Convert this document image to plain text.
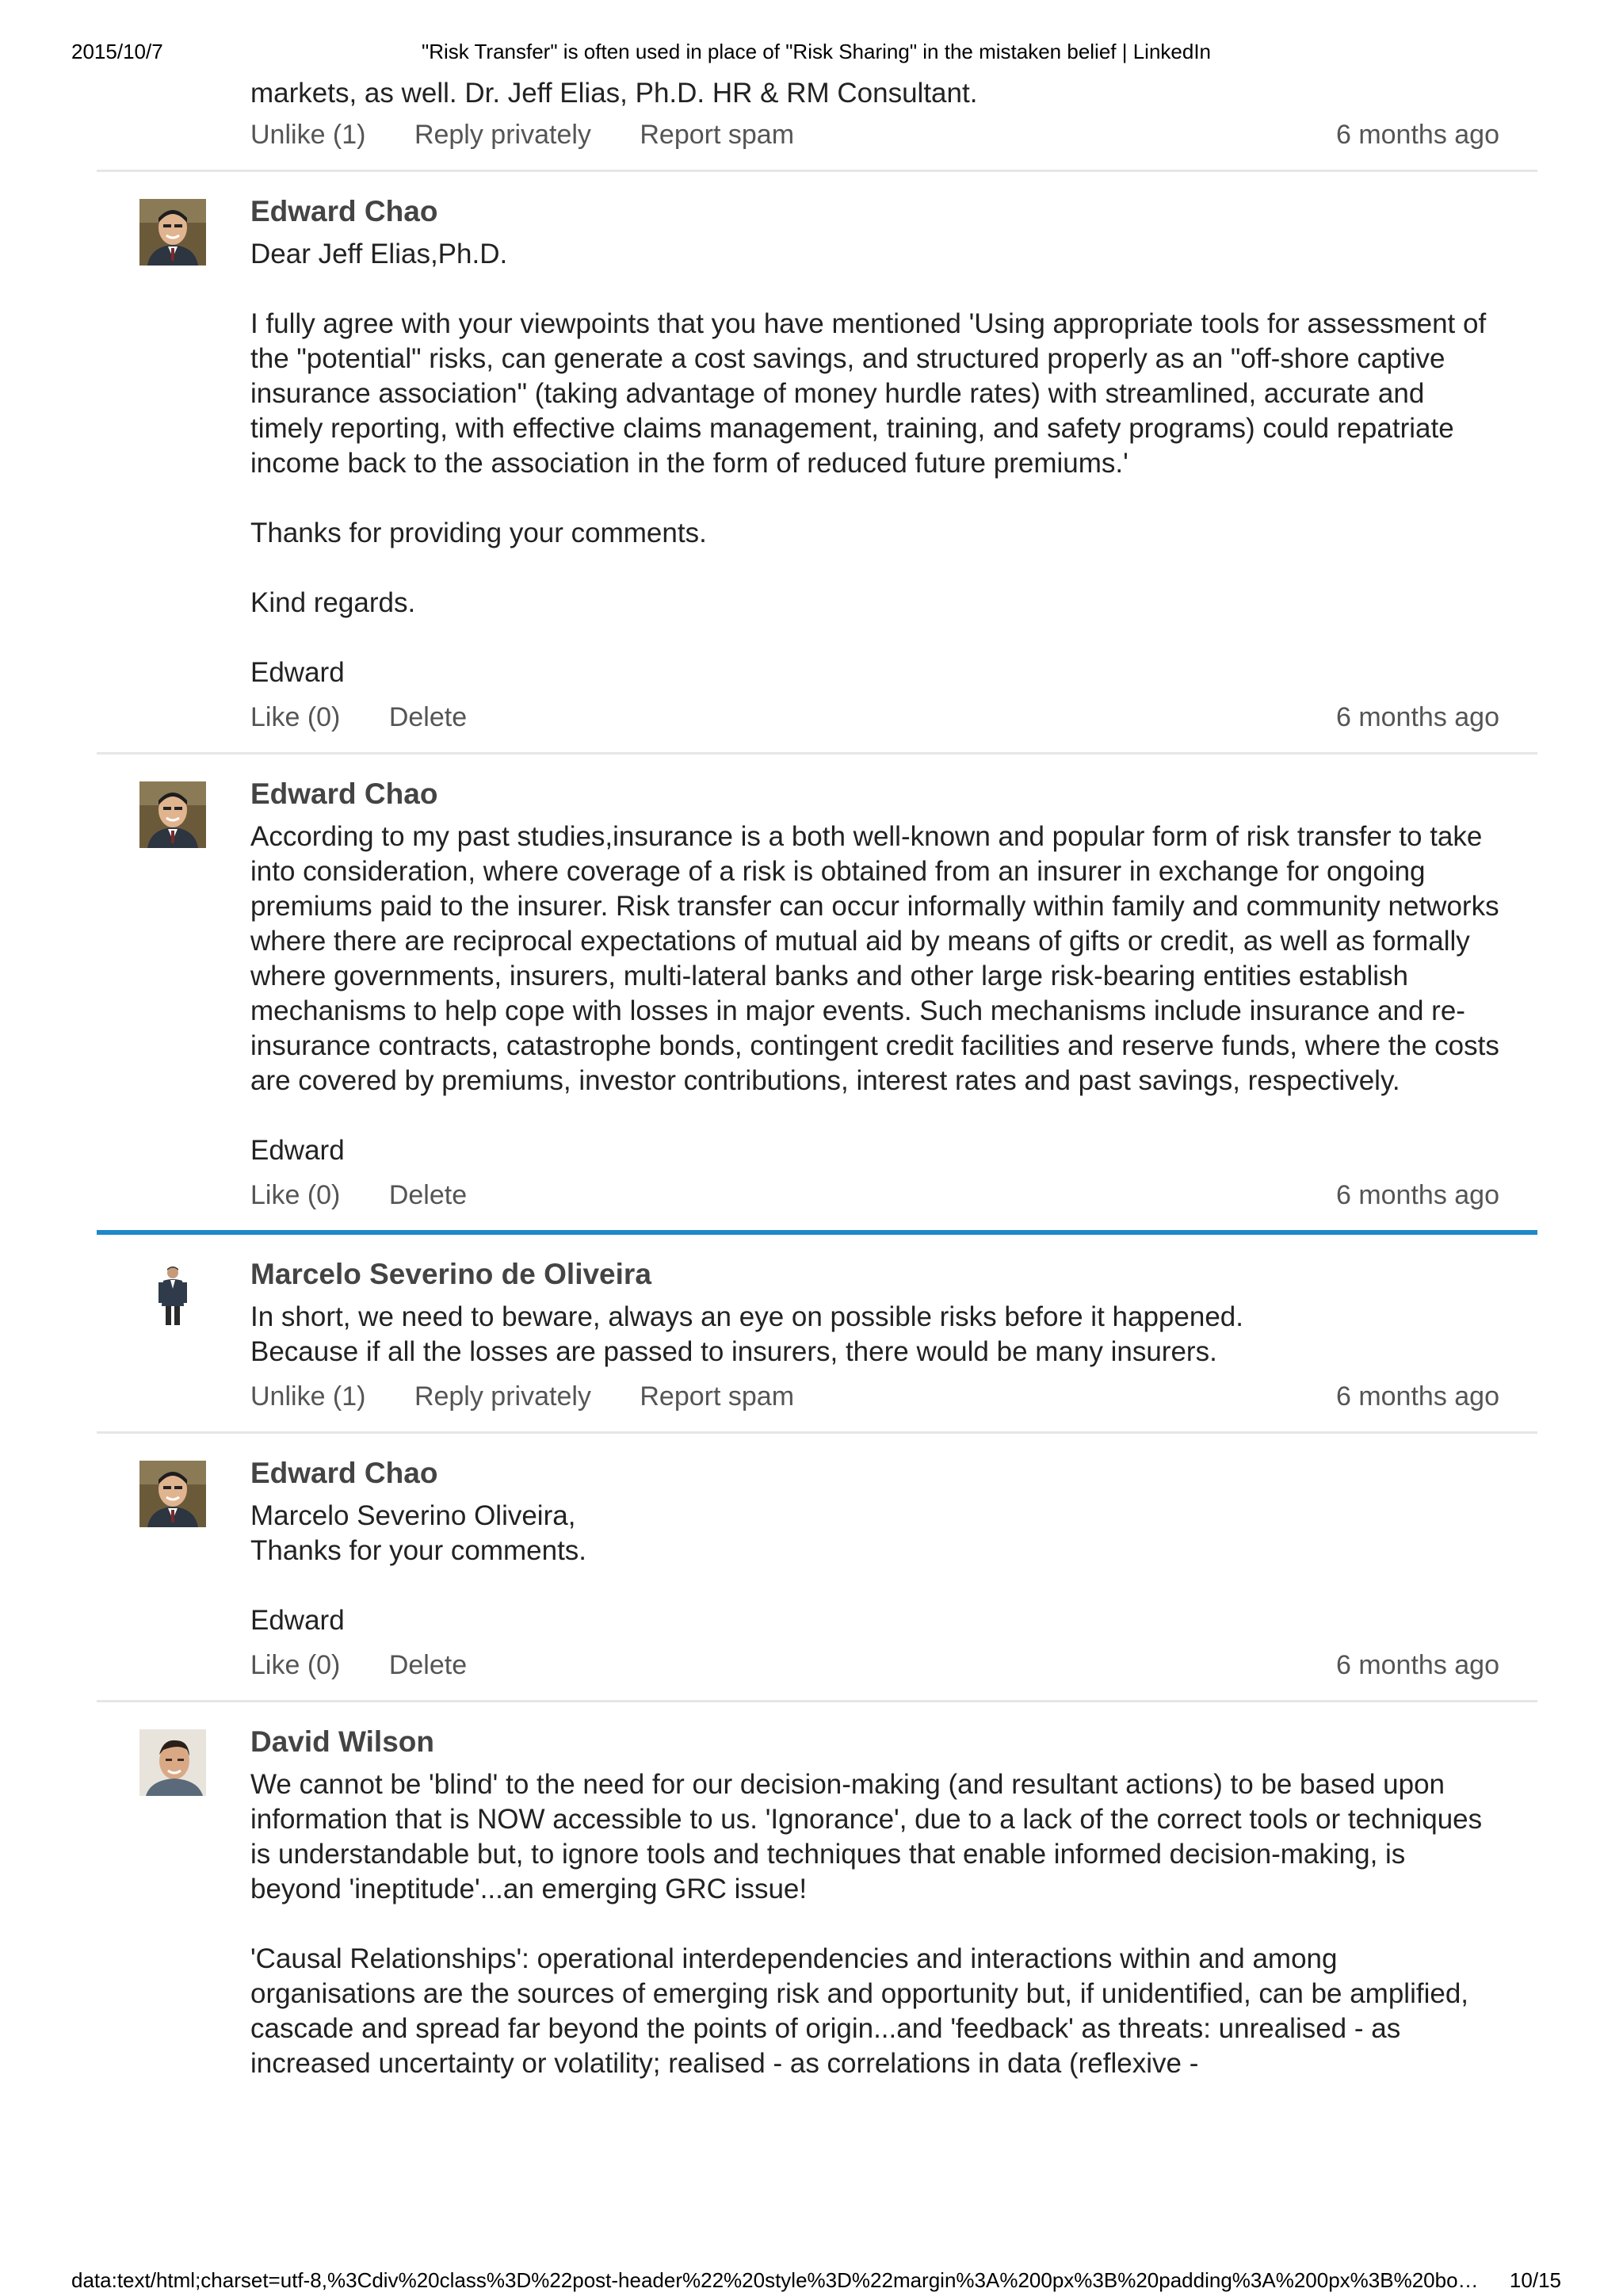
2015/10/7	"Risk Transfer" is often used in place of "Risk Sharing" in the mistaken belief | LinkedIn

markets, as well. Dr. Jeff Elias, Ph.D. HR & RM Consultant.

Unlike (1) Reply privately Report spam	6 months ago
Edward Chao

Dear Jeff Elias,Ph.D.

I fully agree with your viewpoints that you have mentioned 'Using appropriate tools for assessment of the "potential" risks, can generate a cost savings, and structured properly as an "off-shore captive insurance association" (taking advantage of money hurdle rates) with streamlined, accurate and timely reporting, with effective claims management, training, and safety programs) could repatriate income back to the association in the form of reduced future premiums.'

Thanks for providing your comments.

Kind regards.

Edward

Like (0) Delete	6 months ago
Edward Chao

According to my past studies,insurance is a both well-known and popular form of risk transfer to take into consideration, where coverage of a risk is obtained from an insurer in exchange for ongoing premiums paid to the insurer. Risk transfer can occur informally within family and community networks where there are reciprocal expectations of mutual aid by means of gifts or credit, as well as formally where governments, insurers, multi-lateral banks and other large risk-bearing entities establish mechanisms to help cope with losses in major events. Such mechanisms include insurance and re-insurance contracts, catastrophe bonds, contingent credit facilities and reserve funds, where the costs are covered by premiums, investor contributions, interest rates and past savings, respectively.

Edward

Like (0) Delete	6 months ago
Marcelo Severino de Oliveira

In short, we need to beware, always an eye on possible risks before it happened.

Because if all the losses are passed to insurers, there would be many insurers.

Unlike (1) Reply privately Report spam	6 months ago
Edward Chao

Marcelo Severino Oliveira,

Thanks for your comments.

Edward

Like (0) Delete	6 months ago
David Wilson

We cannot be 'blind' to the need for our decision-making (and resultant actions) to be based upon information that is NOW accessible to us. 'Ignorance', due to a lack of the correct tools or techniques is understandable but, to ignore tools and techniques that enable informed decision-making, is beyond 'ineptitude'...an emerging GRC issue!

'Causal Relationships': operational interdependencies and interactions within and among organisations are the sources of emerging risk and opportunity but, if unidentified, can be amplified, cascade and spread far beyond the points of origin...and 'feedback' as threats: unrealised - as increased uncertainty or volatility; realised - as correlations in data (reflexive -

data:text/html;charset=utf-8,%3Cdiv%20class%3D%22post-header%22%20style%3D%22margin%3A%200px%3B%20padding%3A%200px%3B%20bo…	10/15
